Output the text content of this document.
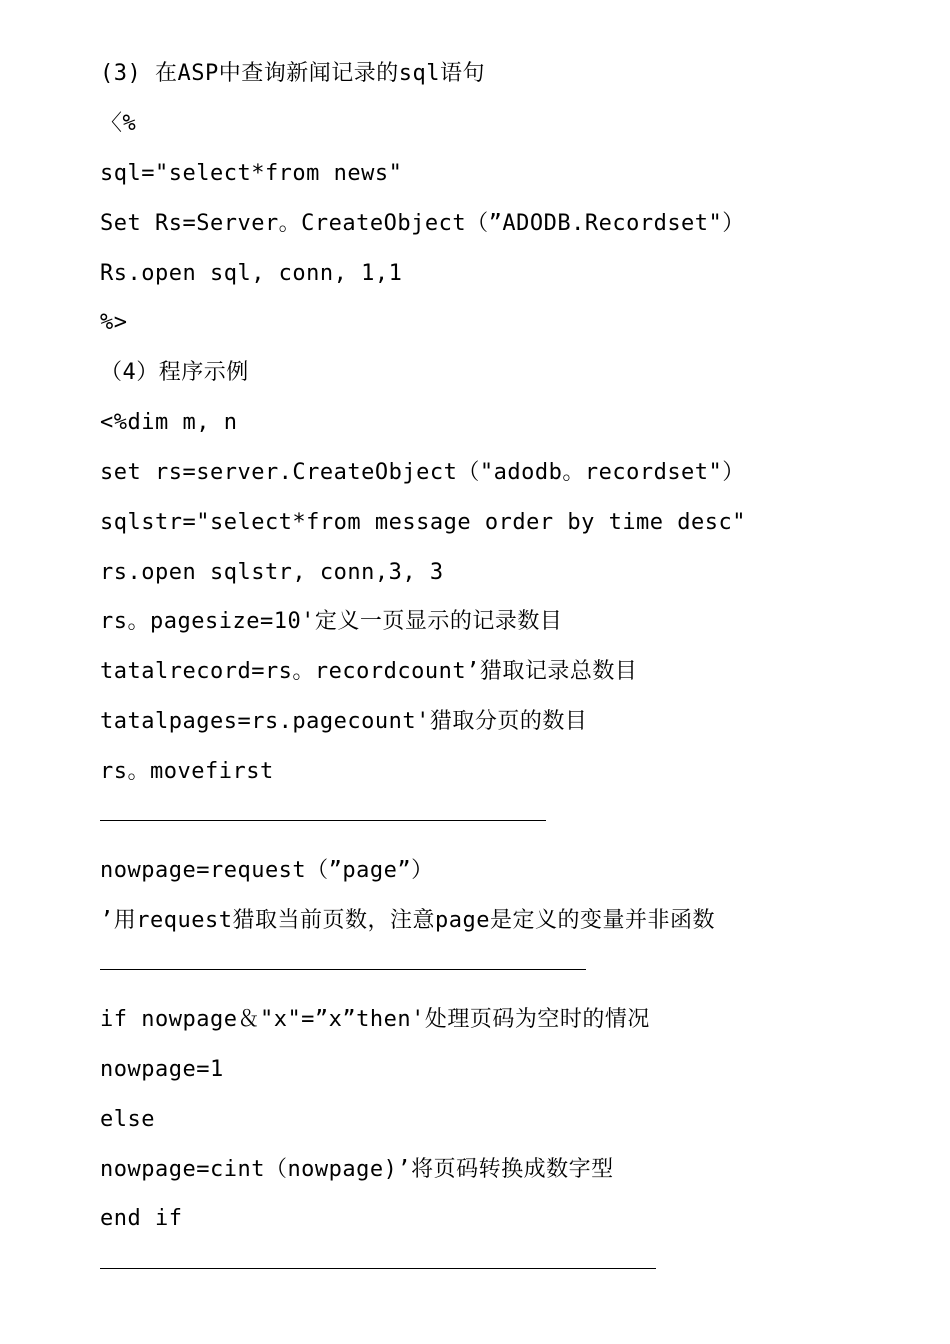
(3) 在ASP中查询新闻记录的sql语句
〈%
sql="select*from news"
Set Rs=Server。CreateObject（”ADODB.Recordset"）
Rs.open sql, conn, 1,1
%>
（4）程序示例
<%dim m, n
set rs=server.CreateObject（"adodb。recordset"）
sqlstr="select*from message order by time desc"
rs.open sqlstr, conn,3, 3
rs。pagesize=10'定义一页显示的记录数目
tatalrecord=rs。recordcount’猎取记录总数目
tatalpages=rs.pagecount'猎取分页的数目
rs。movefirst
nowpage=request（”page”）
’用request猎取当前页数，注意page是定义的变量并非函数
if nowpage＆"x"=”x”then'处理页码为空时的情况
nowpage=1
else
nowpage=cint（nowpage)’将页码转换成数字型
end if
